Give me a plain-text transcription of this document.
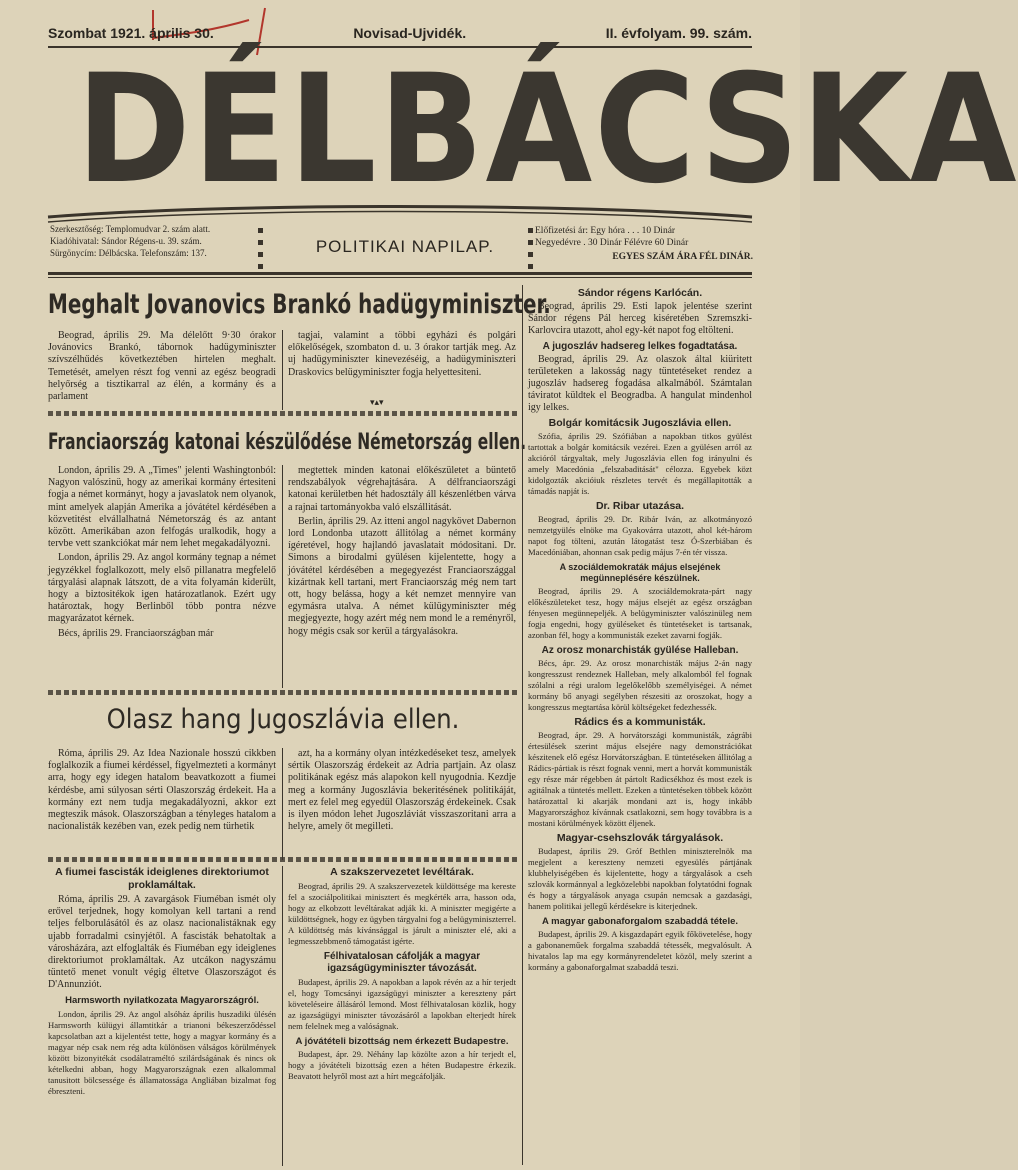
Szombat 1921. április 30.	Novisad-Ujvidék.	II. évfolyam. 99. szám.
DÉLBÁCSKA
Szerkesztőség: Templomudvar 2. szám alatt.
Kiadóhivatal: Sándor Régens-u. 39. szám.
Sürgönycím: Délbácska. Telefonszám: 137.	POLITIKAI NAPILAP.
Előfizetési ár: Egy hóra . . . 10 Dinár
Negyedévre . 30 Dinár Félévre 60 Dinár
EGYES SZÁM ÁRA FÉL DINÁR.
Meghalt Jovanovics Brankó hadügyminiszter.

Beograd, április 29. Ma délelőtt 9·30 órakor Jovánovics Brankó, tábornok hadügyminiszter szívszélhűdés következtében hirtelen meghalt. Temetését, amelyen részt fog venni az egész beogradi helyőrség a tisztikarral az élén, a kormány és a parlament

tagjai, valamint a többi egyházi és polgári előkelőségek, szombaton d. u. 3 órakor tartják meg. Az uj hadügyminiszter kinevezéséig, a hadügyminiszteri Draskovics belügyminiszter fogja helyettesiteni.

▾▴▾
Franciaország katonai készülődése Németország ellen.

London, április 29. A „Times" jelenti Washingtonból: Nagyon valószinü, hogy az amerikai kormány értesiteni fogja a német kormányt, hogy a javaslatok nem olyanok, mint amelyek alapján Amerika a jóvátétel kérdésében a közvetitést elvállalhatná Németország és az antant között. Amerikában azon felfogás uralkodik, hogy a tervbe vett szankciókat már nem lehet megakadályozni.

London, április 29. Az angol kormány tegnap a német jegyzékkel foglalkozott, mely első pillanatra megfelelő tárgyalási alapnak látszott, de a vita folyamán kiderült, hogy a biztositékok igen határozatlanok. Ezért ugy határoztak, hogy Berlinből több pontra nézve magyarázatot kérnek.

Bécs, április 29. Franciaországban már

megtettek minden katonai előkészületet a büntető rendszabályok végrehajtására. A délfranciaországi katonai kerületben hét hadosztály áll készenlétben várva a rajnai tartományokba való elszállitását.

Berlin, április 29. Az itteni angol nagykövet Dabernon lord Londonba utazott állitólag a német kormány ígéretével, hogy hajlandó javaslatait módositani. Dr. Simons a birodalmi gyülésen kijelentette, hogy a jóvátétel kérdésében a megegyezést Franciaországgal kizártnak kell tartani, mert Franciaország még nem tart ott, hogy belássa, hogy a két nemzet mennyire van egymásra utalva. A német külügyminiszter még megjegyezte, hogy azért még nem mond le a reményről, hogy mégis csak sor kerül a tárgyalásokra.

Olasz hang Jugoszlávia ellen.

Róma, április 29. Az Idea Nazionale hosszú cikkben foglalkozik a fiumei kérdéssel, figyelmezteti a kormányt arra, hogy egy idegen hatalom beavatkozott a fiumei kérdésbe, ami súlyosan sérti Olaszország érdekeit. Ha a kormány ezt nem tudja megakadályozni, akkor ezt megteszik mások. Olaszországban a tényleges hatalom a nacionalisták kezében van, ezek pedig nem türhetik

azt, ha a kormány olyan intézkedéseket tesz, amelyek sértik Olaszország érdekeit az Adria partjain. Az olasz politikának egész más alapokon kell nyugodnia. Kezdje meg a kormány Jugoszlávia bekeritésének politikáját, mert ez felel meg egyedül Olaszország érdekeinek. Csak is ilyen módon lehet Jugoszláviát visszaszoritani arra a helyre, amely őt megilleti.

A fiumei fascisták ideiglenes direktoriumot proklamáltak.

Róma, április 29. A zavargások Fiuméban ismét oly erővel terjednek, hogy komolyan kell tartani a rend teljes felborulásától és az olasz nacionalistáknak egy ujabb forradalmi csinyjétől. A fascisták behatoltak a városházára, azt elfoglalták és Fiuméban egy ideiglenes direktoriumot proklamáltak. Az utcákon nagyszámu tüntető menet vonult végig éltetve Olaszországot és D'Annunziót.

Harmsworth nyilatkozata Magyarországról.

London, április 29. Az angol alsóház április huszadiki ülésén Harmsworth külügyi államtitkár a trianoni békeszerződéssel kapcsolatban azt a kijelentést tette, hogy a magyar kormány és a magyar nép csak nem rég adta különösen válságos körülmények között bizonyitékát csodálatraméltó szilárdságának és nincs ok kételkedni abban, hogy Magyarországnak ezen alkalommal tanusitott bölcsessége és államatossága Angliában bizalmat fog ébreszteni.

A szakszervezetet levéltárak.

Beograd, április 29. A szakszervezetek küldöttsége ma kereste fel a szociálpolitikai minisztert és megkérték arra, hasson oda, hogy az elkobzott levéltárakat adják ki. A miniszter megigérte a küldöttségnek, hogy ez ügyben tárgyalni fog a belügyminiszterrel. A küldöttség más kívánsággal is járult a miniszter elé, aki a legmesszebbmenő támogatást igérte.

Félhivatalosan cáfolják a magyar igazságügyminiszter távozását.

Budapest, április 29. A napokban a lapok révén az a hír terjedt el, hogy Tomcsányi igazságügyi miniszter a kereszteny párt követeléseire állásáról lemond. Most félhivatalosan közlik, hogy az igazságügyi miniszter távozásáról a lapokban elterjedt hírek nem felelnek meg a valóságnak.

A jóvátételi bizottság nem érkezett Budapestre.

Budapest, ápr. 29. Néhány lap közölte azon a hír terjedt el, hogy a jóvátételi bizottság ezen a héten Budapestre érkezik. Beavatott helyről most azt a hírt megcáfolják.

Sándor régens Karlócán.

Beograd, április 29. Esti lapok jelentése szerint Sándor régens Pál herceg kiséretében Szremszki-Karlovcira utazott, ahol egy-két napot fog eltölteni.

A jugoszláv hadsereg lelkes fogadtatása.

Beograd, április 29. Az olaszok által kiüritett területeken a lakosság nagy tüntetéseket rendez a jugoszláv hadsereg fogadása alkalmából. Számtalan táviratot küldtek el Beogradba. A hangulat mindenhol igy lelkes.

Bolgár komitácsik Jugoszlávia ellen.

Szófia, április 29. Szófiában a napokban titkos gyülést tartottak a bolgár komitácsik vezérei. Ezen a gyülésen arról az akcióról tárgyaltak, mely Jugoszlávia ellen fog irányulni és amely Macedónia „felszabaditását" célozza. Egyebek közt kidolgozták akcióiuk részletes tervét és megállapitották a támadás napját is.

Dr. Ribar utazása.

Beograd, április 29. Dr. Ribár Iván, az alkotmányozó nemzetgyülés elnöke ma Gyakovárra utazott, ahol két-három napot fog tölteni, azután látogatást tesz Ó-Szerbiában és Macedóniában, ahonnan csak pedig május 7-én tér vissza.

A szociáldemokraták május elsejének megünneplésére készülnek.

Beograd, április 29. A szociáldemokrata-párt nagy előkészületeket tesz, hogy május elsejét az egész országban fényesen megünnepeljék. A belügyminiszter valószinüleg nem fogja engedni, hogy gyüléseket és tüntetéseket is tartsanak, azonban fél, hogy a kommunisták ezeket zavarni fogják.

Az orosz monarchisták gyülése Halleban.

Bécs, ápr. 29. Az orosz monarchisták május 2-án nagy kongresszust rendeznek Halleban, mely alkalomból fel fognak szólalni a régi uralom legelőkelőbb személyiségei. A német kormány bő anyagi segélyben részesiti az oroszokat, hogy a kongresszus megtartása körül költségeket fedezhessék.

Rádics és a kommunisták.

Beograd, ápr. 29. A horvátországi kommunisták, zágrábi értesülések szerint május elsejére nagy demonstrációkat készitenek elő egész Horvátországban. E tüntetéseken állitólag a Rádics-pártiak is részt fognak venni, mert a horvát kommunisták egy része már régebben át pártolt Radicsékhoz és most ezek is agitálnak a tüntetés mellett. Ezeken a tüntetéseken többek között határozattal ki akarják mondani azt is, hogy inkább Magyarországhoz kívánnak csatlakozni, sem hogy továbbra is a mostani körülmények között éljenek.

Magyar-csehszlovák tárgyalások.

Budapest, április 29. Gróf Bethlen miniszterelnök ma megjelent a kereszteny nemzeti egyesülés pártjának klubhelyiségében és kijelentette, hogy a tárgyalások a cseh szlovák kormánnyal a legközelebbi napokban folytatódni fognak és hogy a tárgyalások anyaga csupán nemcsak a gazdasági, hanem politikai jellegű kérdésekre is kiterjednek.

A magyar gabonaforgalom szabaddá tétele.

Budapest, április 29. A kisgazdapárt egyik főkövetelése, hogy a gabonaneműek forgalma szabaddá tétessék, megvalósult. A hivatalos lap ma egy kormányrendeletet közöl, mely szerint a kormány a gabonaforgalmat szabaddá teszi.
